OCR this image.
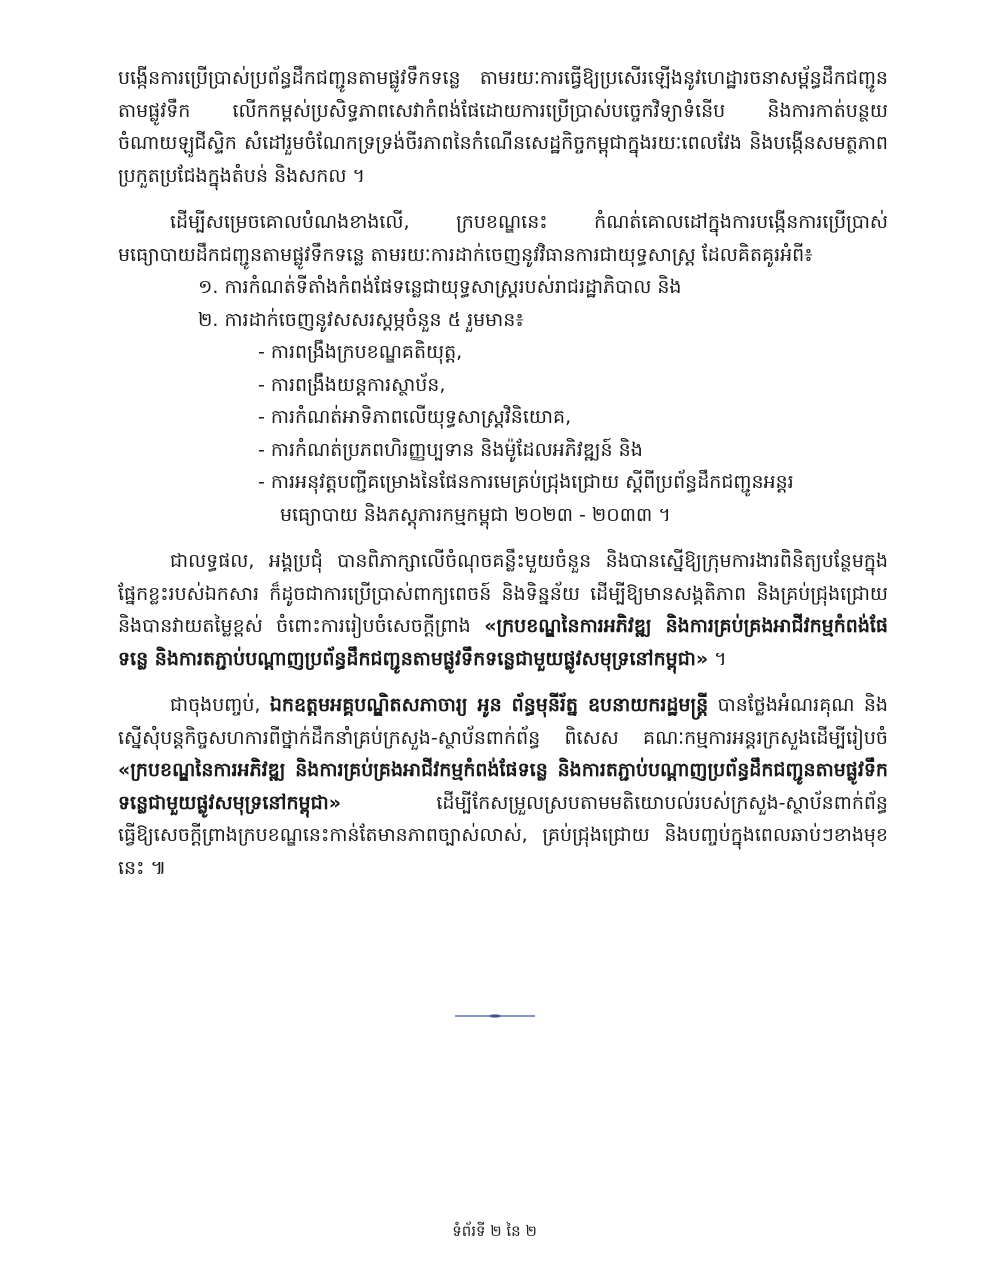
បង្កើនការប្រើប្រាស់ប្រព័ន្ធដឹកជញ្ជូនតាមផ្លូវទឹកទន្លេ តាមរយៈការធ្វើឱ្យប្រសើរឡើងនូវហេដ្ឋារចនាសម្ព័ន្ធដឹកជញ្ជូនតាមផ្លូវទឹក លើកកម្ពស់ប្រសិទ្ធភាពសេវាកំពង់ផែដោយការប្រើប្រាស់បច្ចេកវិទ្យាទំនើប និងការកាត់បន្ថយចំណាយឡូជីស្ទិក សំដៅរួមចំណែកទ្រទ្រង់ចីរភាពនៃកំណើនសេដ្ឋកិច្ចកម្ពុជាក្នុងរយៈពេលវែង និងបង្កើនសមត្ថភាពប្រកួតប្រជែងក្នុងតំបន់ និងសកល ។

ដើម្បីសម្រេចគោលបំណងខាងលើ, ក្របខណ្ឌនេះ កំណត់គោលដៅក្នុងការបង្កើនការប្រើប្រាស់មធ្យោបាយដឹកជញ្ជូនតាមផ្លូវទឹកទន្លេ តាមរយៈការដាក់ចេញនូវវិធានការជាយុទ្ធសាស្ត្រ ដែលគិតគូរអំពី៖

១. ការកំណត់ទីតាំងកំពង់ផែទន្លេជាយុទ្ធសាស្ត្ររបស់រាជរដ្ឋាភិបាល និង

២. ការដាក់ចេញនូវសសរស្តម្ភចំនួន ៥ រួមមាន៖

- ការពង្រឹងក្របខណ្ឌគតិយុត្ត,
- ការពង្រឹងយន្តការស្ថាប័ន,
- ការកំណត់អាទិភាពលើយុទ្ធសាស្ត្រវិនិយោគ,
- ការកំណត់ប្រភពហិរញ្ញប្បទាន និងម៉ូដែលអភិវឌ្ឍន៍ និង
- ការអនុវត្តបញ្ជីគម្រោងនៃផែនការមេគ្រប់ជ្រុងជ្រោយ ស្តីពីប្រព័ន្ធដឹកជញ្ជូនអន្តរ
មធ្យោបាយ និងភស្តុភារកម្មកម្ពុជា ២០២៣ - ២០៣៣ ។

ជាលទ្ធផល, អង្គប្រជុំ បានពិភាក្សាលើចំណុចគន្លឹះមួយចំនួន និងបានស្នើឱ្យក្រុមការងារពិនិត្យបន្ថែមក្នុងផ្នែកខ្លះរបស់ឯកសារ ក៏ដូចជាការប្រើប្រាស់ពាក្យពេចន៍ និងទិន្នន័យ ដើម្បីឱ្យមានសង្គតិភាព និងគ្រប់ជ្រុងជ្រោយ និងបានវាយតម្លៃខ្ពស់ ចំពោះការរៀបចំសេចក្តីព្រាង «ក្របខណ្ឌនៃការអភិវឌ្ឍ និងការគ្រប់គ្រងអាជីវកម្មកំពង់ផែទន្លេ និងការតភ្ជាប់បណ្តាញប្រព័ន្ធដឹកជញ្ជូនតាមផ្លូវទឹកទន្លេជាមួយផ្លូវសមុទ្រនៅកម្ពុជា» ។

ជាចុងបញ្ចប់, ឯកឧត្តមអគ្គបណ្ឌិតសភាចារ្យ អូន ព័ន្ធមុនីរ័ត្ន ឧបនាយករដ្ឋមន្ត្រី បានថ្លែងអំណរគុណ និងស្នើសុំបន្តកិច្ចសហការពីថ្នាក់ដឹកនាំគ្រប់ក្រសួង-ស្ថាប័នពាក់ព័ន្ធ ពិសេស គណៈកម្មការអន្តរក្រសួងដើម្បីរៀបចំ «ក្របខណ្ឌនៃការអភិវឌ្ឍ និងការគ្រប់គ្រងអាជីវកម្មកំពង់ផែទន្លេ និងការតភ្ជាប់បណ្តាញប្រព័ន្ធដឹកជញ្ជូនតាមផ្លូវទឹកទន្លេជាមួយផ្លូវសមុទ្រនៅកម្ពុជា» ដើម្បីកែសម្រួលស្របតាមមតិយោបល់របស់ក្រសួង-ស្ថាប័នពាក់ព័ន្ធ ធ្វើឱ្យសេចក្តីព្រាងក្របខណ្ឌនេះកាន់តែមានភាពច្បាស់លាស់, គ្រប់ជ្រុងជ្រោយ និងបញ្ចប់ក្នុងពេលឆាប់ៗខាងមុខនេះ ៕

ទំព័រទី ២ នៃ ២
